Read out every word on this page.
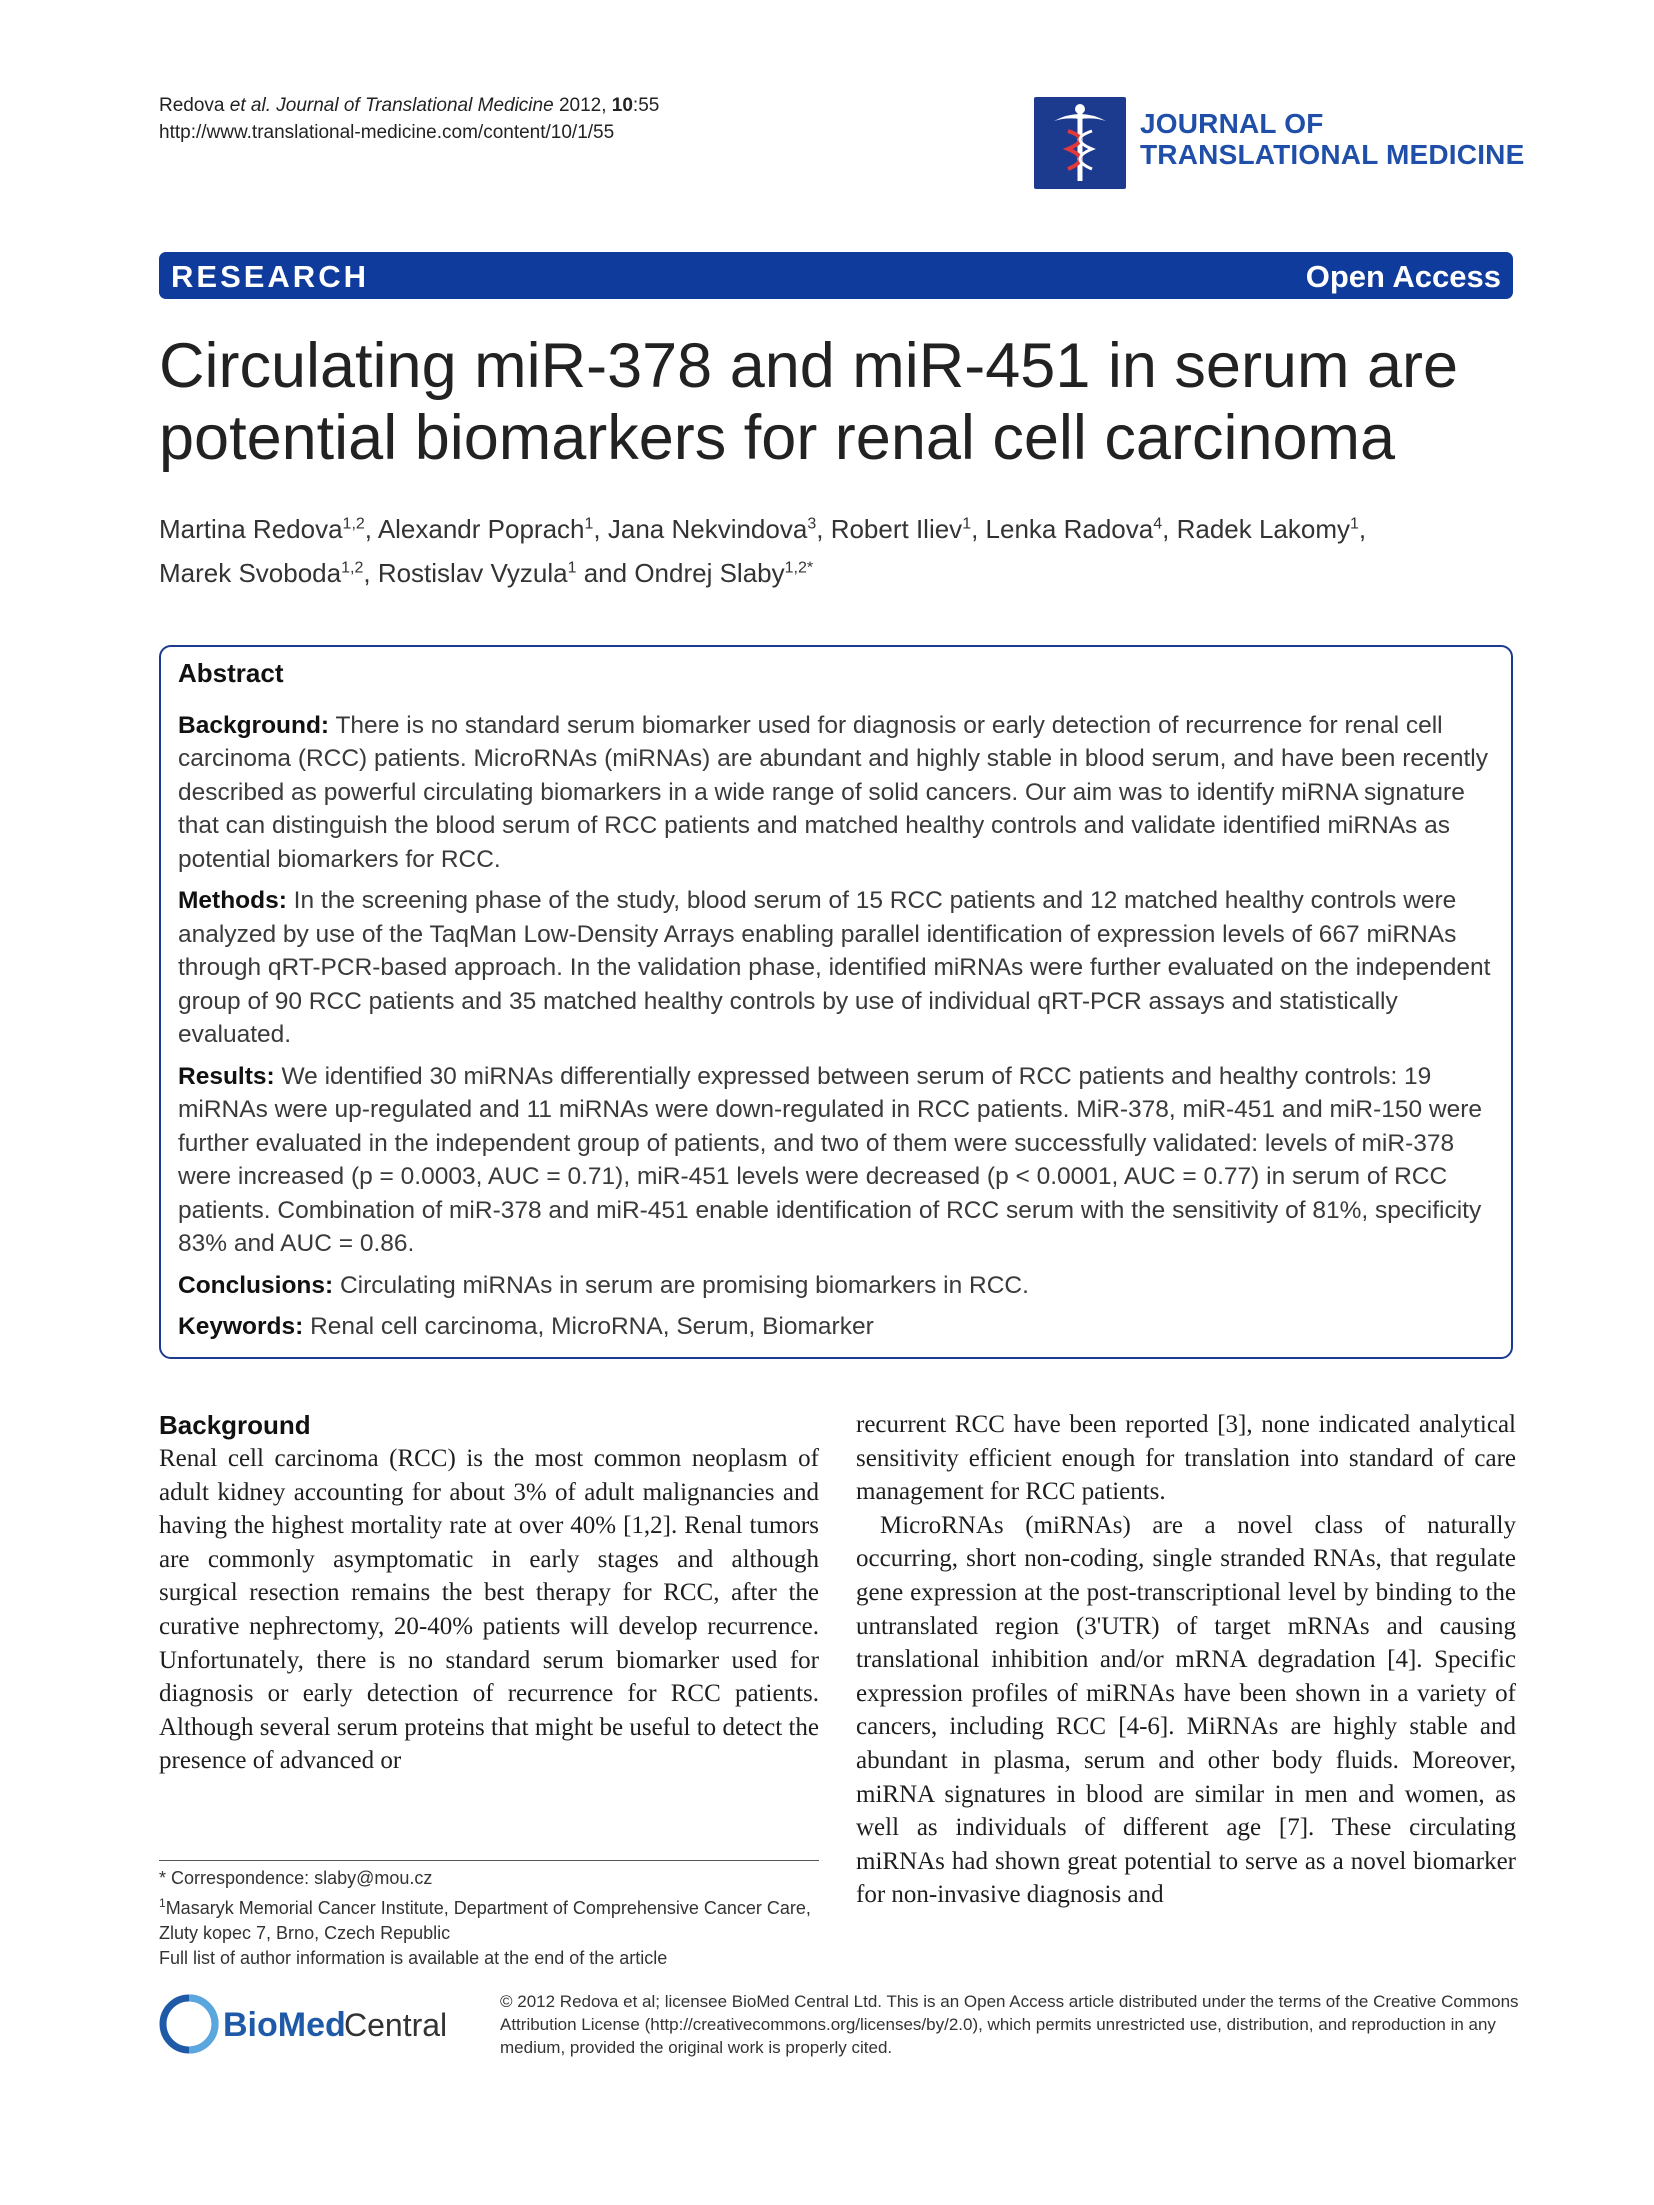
Redova et al. Journal of Translational Medicine 2012, 10:55
http://www.translational-medicine.com/content/10/1/55	JOURNAL OF
TRANSLATIONAL MEDICINE
RESEARCH	Open Access
Circulating miR-378 and miR-451 in serum are
potential biomarkers for renal cell carcinoma
Martina Redova$^{1,2}$, Alexandr Poprach$^1$, Jana Nekvindova$^3$, Robert Iliev$^1$, Lenka Radova$^4$, Radek Lakomy$^1$,
Marek Svoboda$^{1,2}$, Rostislav Vyzula$^1$ and Ondrej Slaby$^{1,2*}$
Abstract

Background: There is no standard serum biomarker used for diagnosis or early detection of recurrence for renal cell carcinoma (RCC) patients. MicroRNAs (miRNAs) are abundant and highly stable in blood serum, and have been recently described as powerful circulating biomarkers in a wide range of solid cancers. Our aim was to identify miRNA signature that can distinguish the blood serum of RCC patients and matched healthy controls and validate identified miRNAs as potential biomarkers for RCC.

Methods: In the screening phase of the study, blood serum of 15 RCC patients and 12 matched healthy controls were analyzed by use of the TaqMan Low-Density Arrays enabling parallel identification of expression levels of 667 miRNAs through qRT-PCR-based approach. In the validation phase, identified miRNAs were further evaluated on the independent group of 90 RCC patients and 35 matched healthy controls by use of individual qRT-PCR assays and statistically evaluated.

Results: We identified 30 miRNAs differentially expressed between serum of RCC patients and healthy controls: 19 miRNAs were up-regulated and 11 miRNAs were down-regulated in RCC patients. MiR-378, miR-451 and miR-150 were further evaluated in the independent group of patients, and two of them were successfully validated: levels of miR-378 were increased (p = 0.0003, AUC = 0.71), miR-451 levels were decreased (p < 0.0001, AUC = 0.77) in serum of RCC patients. Combination of miR-378 and miR-451 enable identification of RCC serum with the sensitivity of 81%, specificity 83% and AUC = 0.86.

Conclusions: Circulating miRNAs in serum are promising biomarkers in RCC.

Keywords: Renal cell carcinoma, MicroRNA, Serum, Biomarker

Background
Renal cell carcinoma (RCC) is the most common neoplasm of adult kidney accounting for about 3% of adult malignancies and having the highest mortality rate at over 40% [1,2]. Renal tumors are commonly asymptomatic in early stages and although surgical resection remains the best therapy for RCC, after the curative nephrectomy, 20-40% patients will develop recurrence. Unfortunately, there is no standard serum biomarker used for diagnosis or early detection of recurrence for RCC patients. Although several serum proteins that might be useful to detect the presence of advanced or
recurrent RCC have been reported [3], none indicated analytical sensitivity efficient enough for translation into standard of care management for RCC patients.
MicroRNAs (miRNAs) are a novel class of naturally occurring, short non-coding, single stranded RNAs, that regulate gene expression at the post-transcriptional level by binding to the untranslated region (3'UTR) of target mRNAs and causing translational inhibition and/or mRNA degradation [4]. Specific expression profiles of miRNAs have been shown in a variety of cancers, including RCC [4-6]. MiRNAs are highly stable and abundant in plasma, serum and other body fluids. Moreover, miRNA signatures in blood are similar in men and women, as well as individuals of different age [7]. These circulating miRNAs had shown great potential to serve as a novel biomarker for non-invasive diagnosis and
* Correspondence: slaby@mou.cz
$^1$Masaryk Memorial Cancer Institute, Department of Comprehensive Cancer Care, Zluty kopec 7, Brno, Czech Republic
Full list of author information is available at the end of the article
BioMed
Central
© 2012 Redova et al; licensee BioMed Central Ltd. This is an Open Access article distributed under the terms of the Creative Commons Attribution License (http://creativecommons.org/licenses/by/2.0), which permits unrestricted use, distribution, and reproduction in any medium, provided the original work is properly cited.
